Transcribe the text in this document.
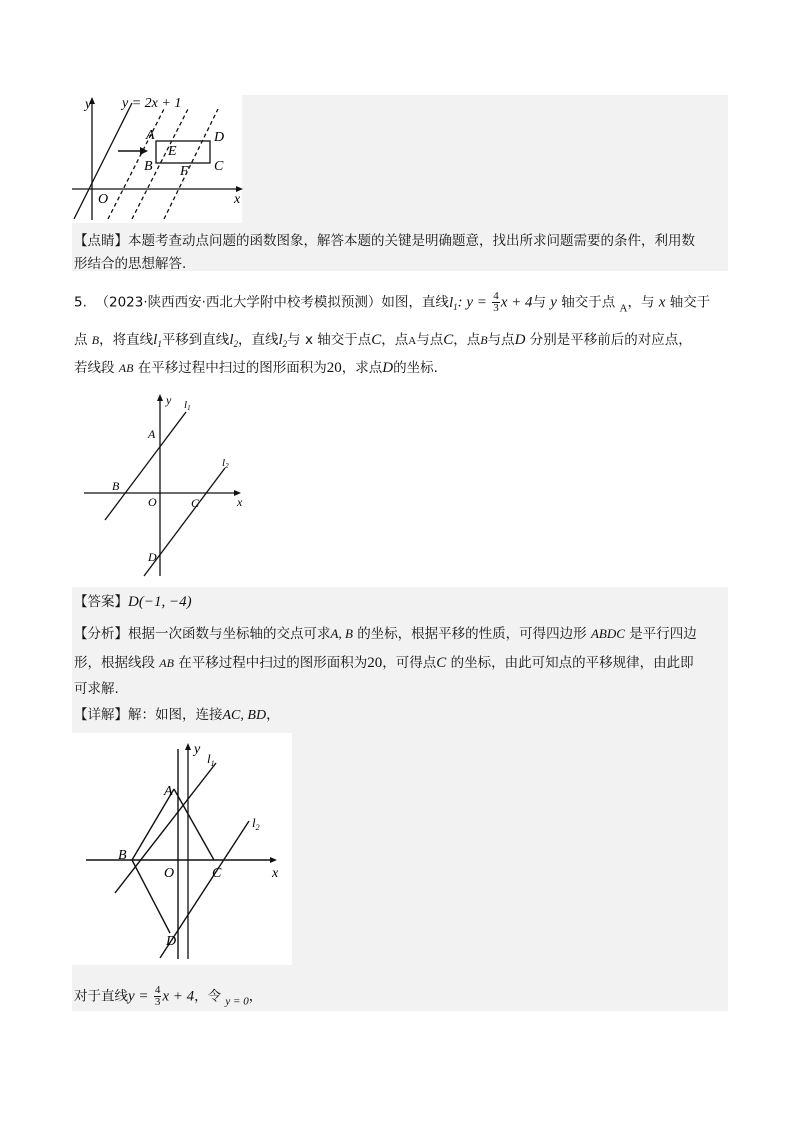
y
x
O
y = 2x + 1
A
B	C
D
E
F
【点睛】本题考查动点问题的函数图象，解答本题的关键是明确题意，找出所求问题需要的条件，利用数
形结合的思想解答.
5. （2023·陕西西安·西北大学附中校考模拟预测）如图，直线$l_1$: $y = \frac{4}{3}$ x + 4与 y 轴交于点 $_A$，与 x 轴交于
点 B，将直线$l_1$平移到直线$l_2$，直线$l_2$与 x 轴交于点C，点A与点C，点B与点D 分别是平移前后的对应点，
若线段 AB 在平移过程中扫过的图形面积为20，求点D的坐标.
y
x
O
l1
l2
A
B
C
D
【答案】D(−1, −4)
【分析】根据一次函数与坐标轴的交点可求A, B 的坐标，根据平移的性质，可得四边形 ABDC 是平行四边
形，根据线段 AB 在平移过程中扫过的图形面积为20，可得点C 的坐标，由此可知点的平移规律，由此即
可求解.
【详解】解：如图，连接AC, BD，
y
x
O
$l_1$
$l_2$
A
B
C
D
对于直线$y = \frac{4}{3}$ x + 4，令 $_{y = 0}$，
